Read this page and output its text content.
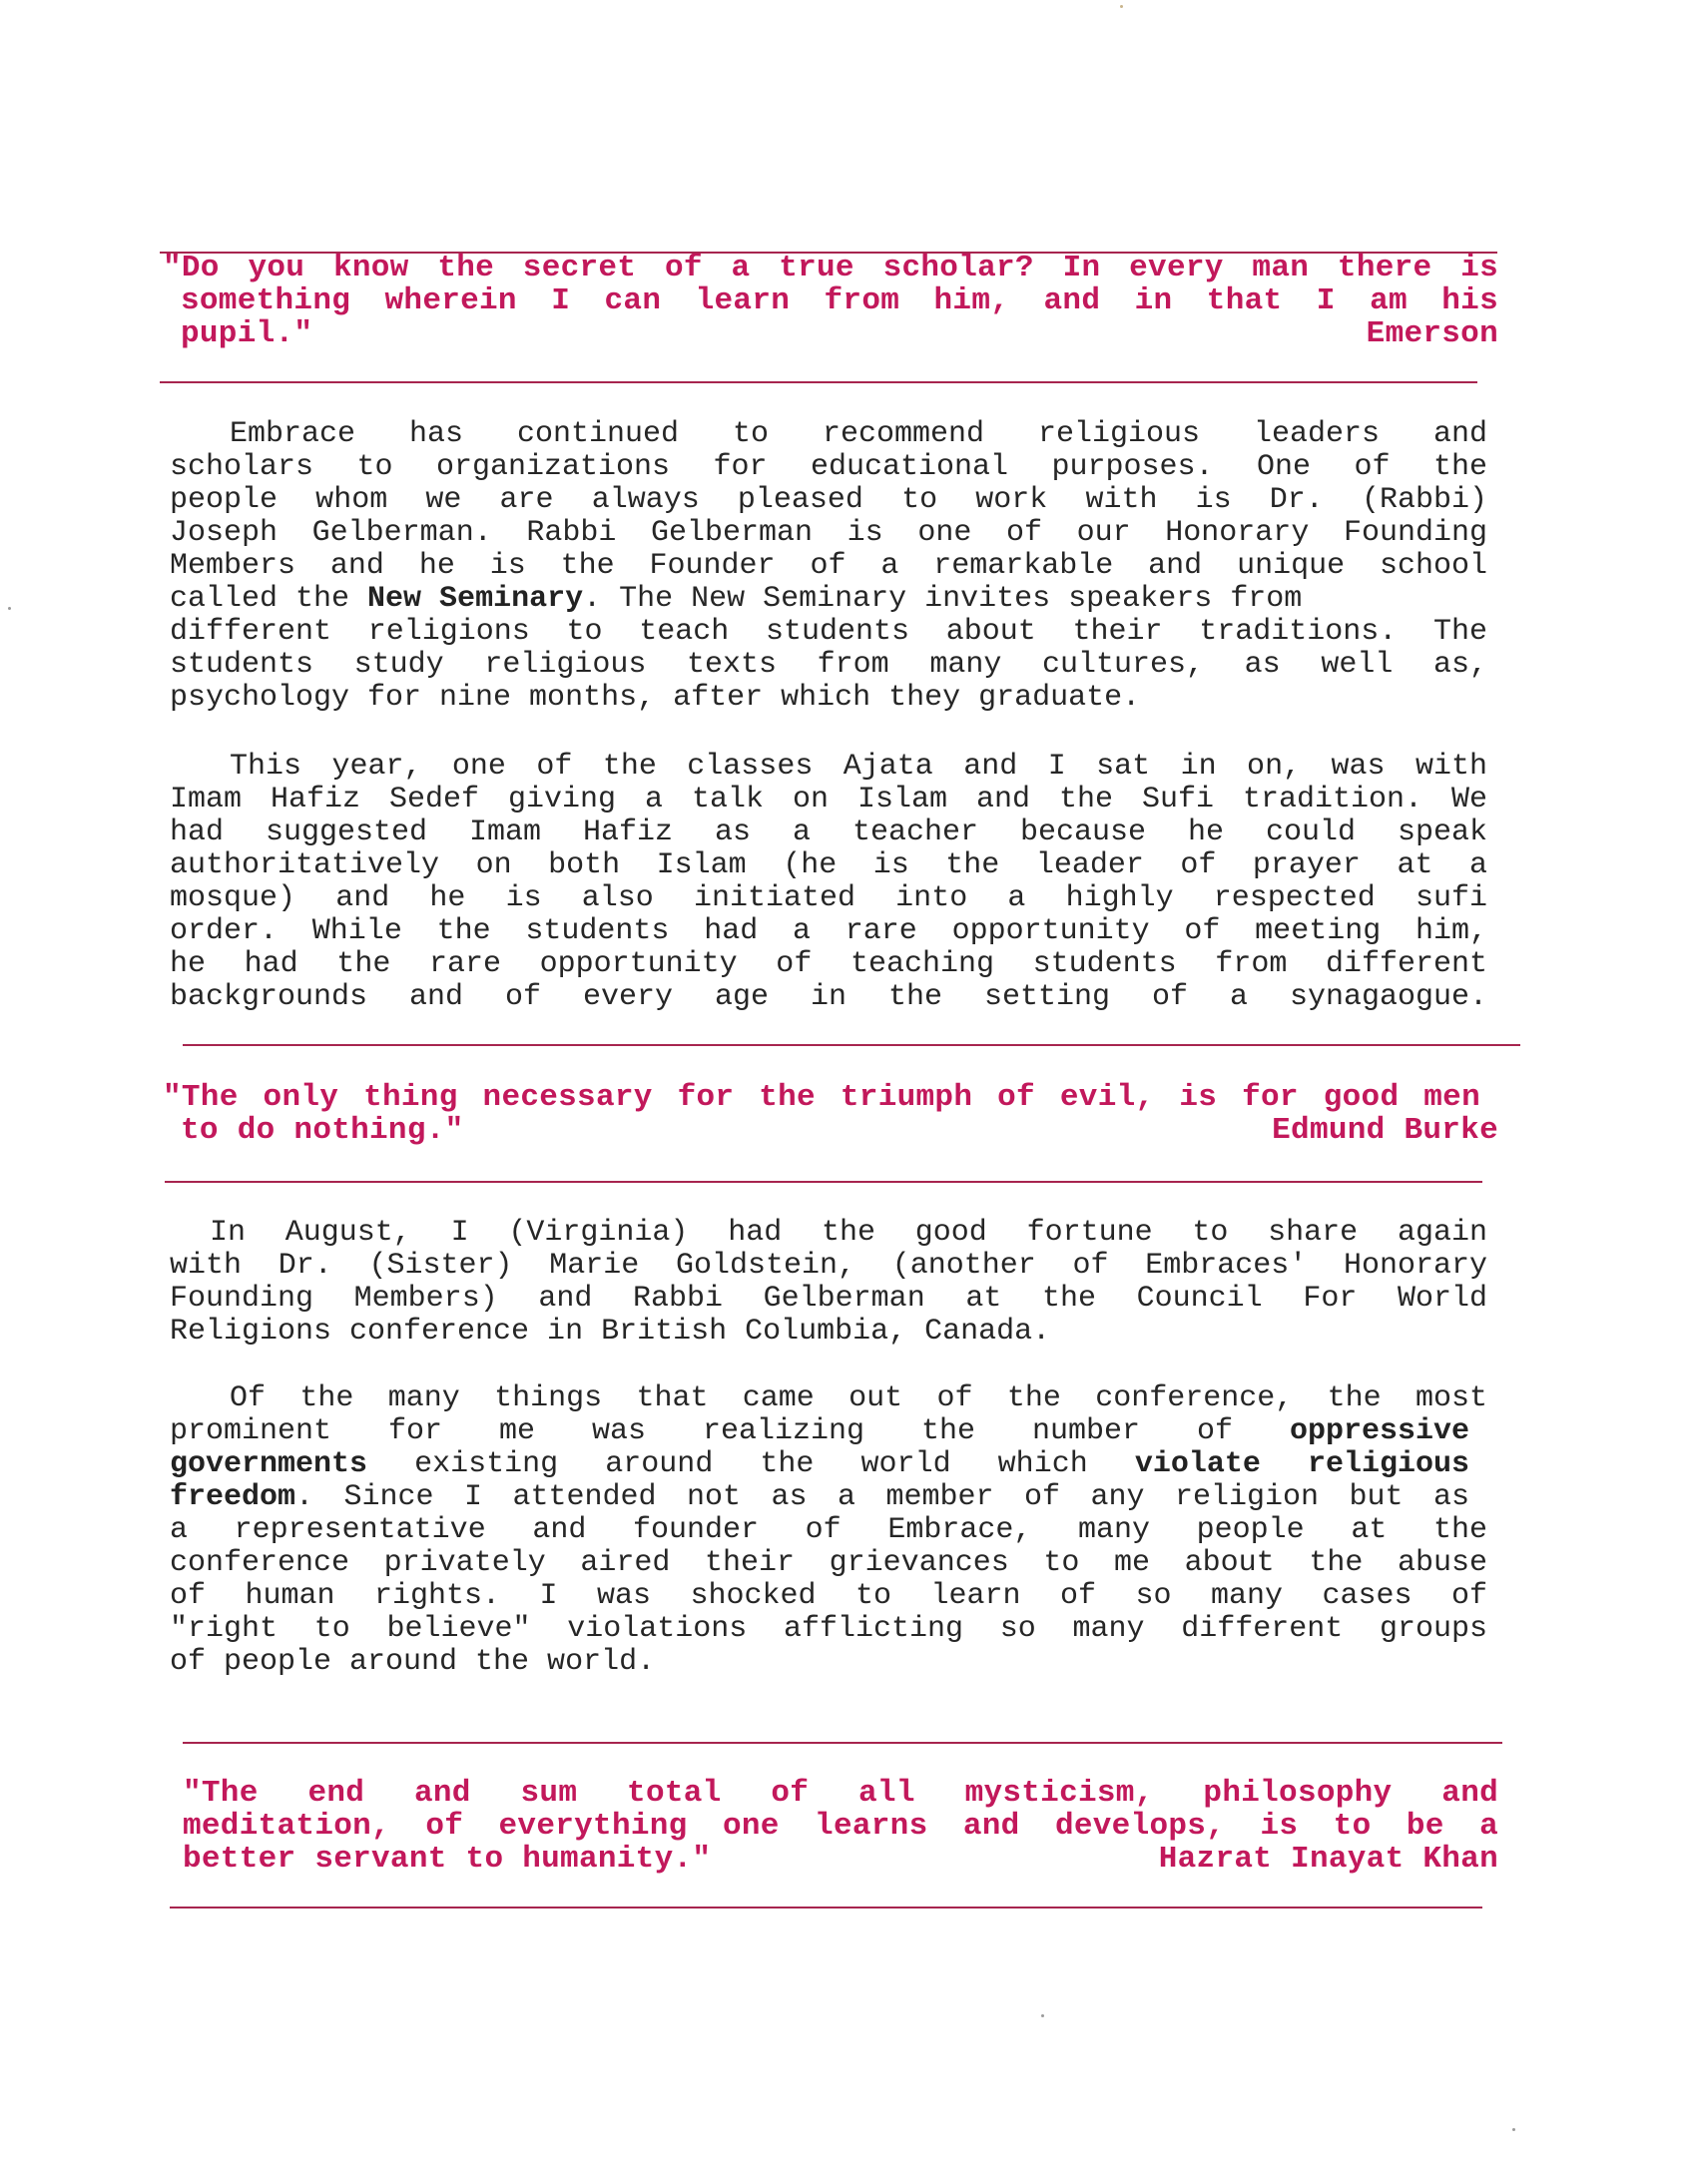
"Do you know the secret of a true scholar? In every man there is
something wherein I can learn from him, and in that I am his
pupil."	Emerson
Embrace has continued to recommend religious leaders and
scholars to organizations for educational purposes. One of the
people whom we are always pleased to work with is Dr. (Rabbi)
Joseph Gelberman. Rabbi Gelberman is one of our Honorary Founding
Members and he is the Founder of a remarkable and unique school
called the New Seminary. The New Seminary invites speakers from
different religions to teach students about their traditions. The
students study religious texts from many cultures, as well as,
psychology for nine months, after which they graduate.
This year, one of the classes Ajata and I sat in on, was with
Imam Hafiz Sedef giving a talk on Islam and the Sufi tradition. We
had suggested Imam Hafiz as a teacher because he could speak
authoritatively on both Islam (he is the leader of prayer at a
mosque) and he is also initiated into a highly respected sufi
order. While the students had a rare opportunity of meeting him,
he had the rare opportunity of teaching students from different
backgrounds and of every age in the setting of a synagaogue.
"The only thing necessary for the triumph of evil, is for good men
to do nothing."	Edmund Burke
In August, I (Virginia) had the good fortune to share again
with Dr. (Sister) Marie Goldstein, (another of Embraces' Honorary
Founding Members) and Rabbi Gelberman at the Council For World
Religions conference in British Columbia, Canada.
Of the many things that came out of the conference, the most
prominent for me was realizing the number of oppressive
governments existing around the world which violate religious
freedom. Since I attended not as a member of any religion but as
a representative and founder of Embrace, many people at the
conference privately aired their grievances to me about the abuse
of human rights. I was shocked to learn of so many cases of
"right to believe" violations afflicting so many different groups
of people around the world.
"The end and sum total of all mysticism, philosophy and
meditation, of everything one learns and develops, is to be a
better servant to humanity."	Hazrat Inayat Khan
